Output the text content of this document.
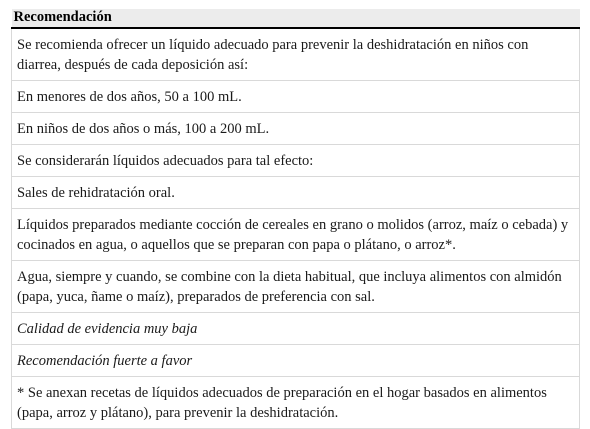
Recomendación
Se recomienda ofrecer un líquido adecuado para prevenir la deshidratación en niños con diarrea, después de cada deposición así:
En menores de dos años, 50 a 100 mL.
En niños de dos años o más, 100 a 200 mL.
Se considerarán líquidos adecuados para tal efecto:
Sales de rehidratación oral.
Líquidos preparados mediante cocción de cereales en grano o molidos (arroz, maíz o cebada) y cocinados en agua, o aquellos que se preparan con papa o plátano, o arroz*.
Agua, siempre y cuando, se combine con la dieta habitual, que incluya alimentos con almidón (papa, yuca, ñame o maíz), preparados de preferencia con sal.
Calidad de evidencia muy baja
Recomendación fuerte a favor
* Se anexan recetas de líquidos adecuados de preparación en el hogar basados en alimentos (papa, arroz y plátano), para prevenir la deshidratación.
